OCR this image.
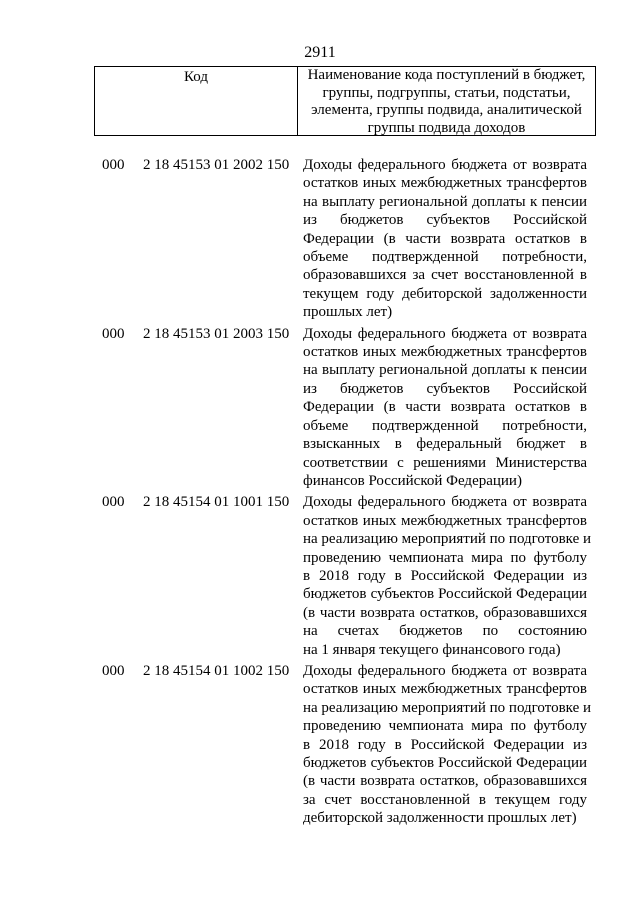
2911
Код	Наименование кода поступлений в бюджет,
группы, подгруппы, статьи, подстатьи,
элемента, группы подвида, аналитической
группы подвида доходов
000 2 18 45153 01 2002 150 Доходы федерального бюджета от возврата
остатков иных межбюджетных трансфертов
на выплату региональной доплаты к пенсии
из бюджетов субъектов Российской
Федерации (в части возврата остатков в
объеме подтвержденной потребности,
образовавшихся за счет восстановленной в
текущем году дебиторской задолженности
прошлых лет)
000 2 18 45153 01 2003 150 Доходы федерального бюджета от возврата
остатков иных межбюджетных трансфертов
на выплату региональной доплаты к пенсии
из бюджетов субъектов Российской
Федерации (в части возврата остатков в
объеме подтвержденной потребности,
взысканных в федеральный бюджет в
соответствии с решениями Министерства
финансов Российской Федерации)
000 2 18 45154 01 1001 150 Доходы федерального бюджета от возврата
остатков иных межбюджетных трансфертов
на реализацию мероприятий по подготовке и
проведению чемпионата мира по футболу
в 2018 году в Российской Федерации из
бюджетов субъектов Российской Федерации
(в части возврата остатков, образовавшихся
на счетах бюджетов по состоянию
на 1 января текущего финансового года)
000 2 18 45154 01 1002 150 Доходы федерального бюджета от возврата
остатков иных межбюджетных трансфертов
на реализацию мероприятий по подготовке и
проведению чемпионата мира по футболу
в 2018 году в Российской Федерации из
бюджетов субъектов Российской Федерации
(в части возврата остатков, образовавшихся
за счет восстановленной в текущем году
дебиторской задолженности прошлых лет)
